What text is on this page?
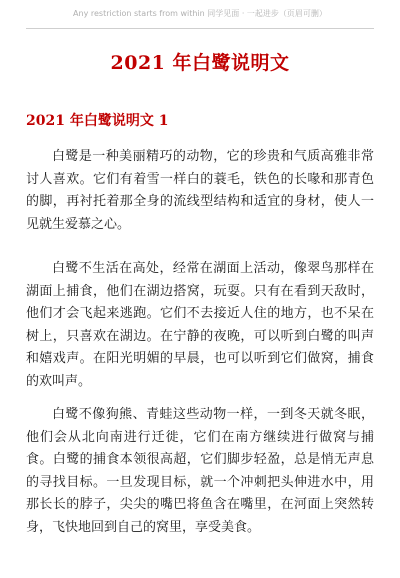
Any restriction starts from within 同学见面 · 一起进步（页眉可删）
2021 年白鹭说明文
2021 年白鹭说明文 1

白鹭是一种美丽精巧的动物，它的珍贵和气质高雅非常讨人喜欢。它们有着雪一样白的蓑毛，铁色的长喙和那青色的脚，再衬托着那全身的流线型结构和适宜的身材，使人一见就生爱慕之心。

白鹭不生活在高处，经常在湖面上活动，像翠鸟那样在湖面上捕食，他们在湖边搭窝，玩耍。只有在看到天敌时，他们才会飞起来逃跑。它们不去接近人住的地方，也不呆在树上，只喜欢在湖边。在宁静的夜晚，可以听到白鹭的叫声和嬉戏声。在阳光明媚的早晨，也可以听到它们做窝，捕食的欢叫声。

白鹭不像狗熊、青蛙这些动物一样，一到冬天就冬眠，他们会从北向南进行迁徙，它们在南方继续进行做窝与捕食。白鹭的捕食本领很高超，它们脚步轻盈，总是悄无声息的寻找目标。一旦发现目标，就一个冲刺把头伸进水中，用那长长的脖子，尖尖的嘴巴将鱼含在嘴里，在河面上突然转身，飞快地回到自己的窝里，享受美食。
